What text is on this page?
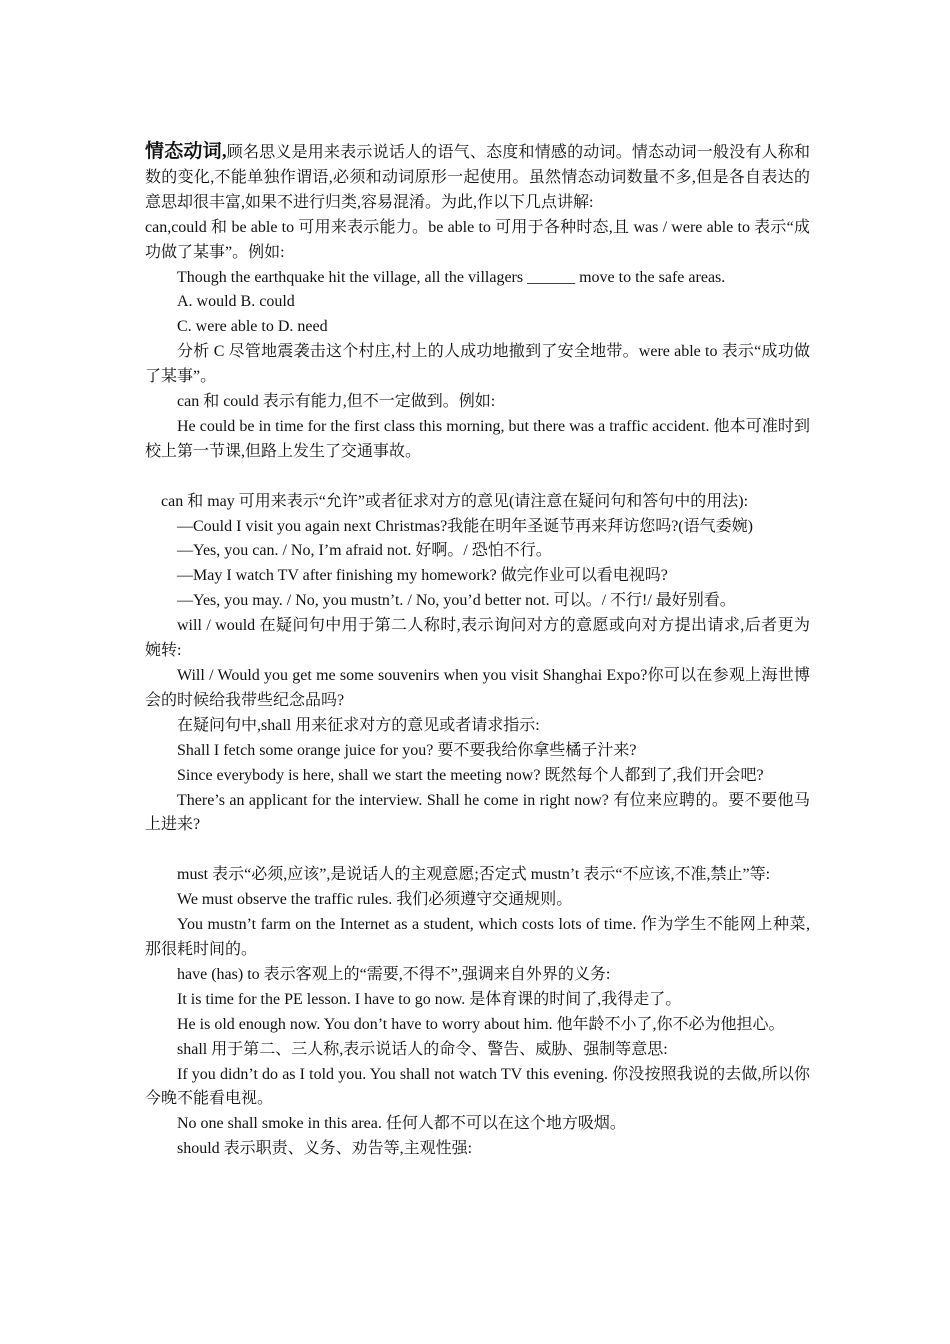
情态动词,顾名思义是用来表示说话人的语气、态度和情感的动词。情态动词一般没有人称和数的变化,不能单独作谓语,必须和动词原形一起使用。虽然情态动词数量不多,但是各自表达的意思却很丰富,如果不进行归类,容易混淆。为此,作以下几点讲解:

can,could 和 be able to 可用来表示能力。be able to 可用于各种时态,且 was / were able to 表示“成功做了某事”。例如:

Though the earthquake hit the village, all the villagers ______ move to the safe areas.

A. would B. could

C. were able to D. need

分析 C 尽管地震袭击这个村庄,村上的人成功地撤到了安全地带。were able to 表示“成功做了某事”。

can 和 could 表示有能力,但不一定做到。例如:

He could be in time for the first class this morning, but there was a traffic accident. 他本可准时到校上第一节课,但路上发生了交通事故。

can 和 may 可用来表示“允许”或者征求对方的意见(请注意在疑问句和答句中的用法):

—Could I visit you again next Christmas?我能在明年圣诞节再来拜访您吗?(语气委婉)

—Yes, you can. / No, I’m afraid not. 好啊。/ 恐怕不行。

—May I watch TV after finishing my homework? 做完作业可以看电视吗?

—Yes, you may. / No, you mustn’t. / No, you’d better not. 可以。/ 不行!/ 最好别看。

will / would 在疑问句中用于第二人称时,表示询问对方的意愿或向对方提出请求,后者更为婉转:

Will / Would you get me some souvenirs when you visit Shanghai Expo?你可以在参观上海世博会的时候给我带些纪念品吗?

在疑问句中,shall 用来征求对方的意见或者请求指示:

Shall I fetch some orange juice for you? 要不要我给你拿些橘子汁来?

Since everybody is here, shall we start the meeting now? 既然每个人都到了,我们开会吧?

There’s an applicant for the interview. Shall he come in right now? 有位来应聘的。要不要他马上进来?

must 表示“必须,应该”,是说话人的主观意愿;否定式 mustn’t 表示“不应该,不准,禁止”等:

We must observe the traffic rules. 我们必须遵守交通规则。

You mustn’t farm on the Internet as a student, which costs lots of time. 作为学生不能网上种菜,那很耗时间的。

have (has) to 表示客观上的“需要,不得不”,强调来自外界的义务:

It is time for the PE lesson. I have to go now. 是体育课的时间了,我得走了。

He is old enough now. You don’t have to worry about him. 他年龄不小了,你不必为他担心。

shall 用于第二、三人称,表示说话人的命令、警告、威胁、强制等意思:

If you didn’t do as I told you. You shall not watch TV this evening. 你没按照我说的去做,所以你今晚不能看电视。

No one shall smoke in this area. 任何人都不可以在这个地方吸烟。

should 表示职责、义务、劝告等,主观性强:
